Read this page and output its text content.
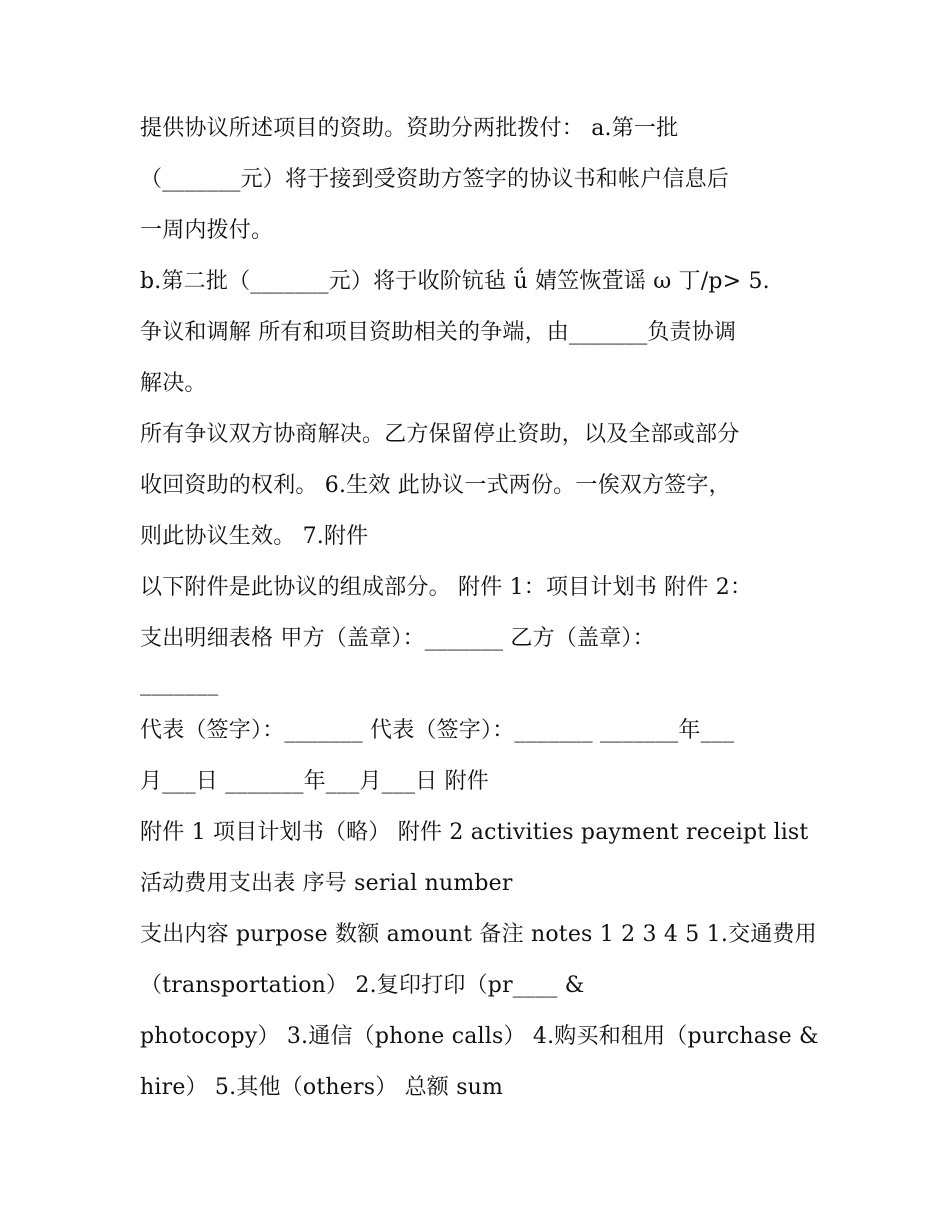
提供协议所述项目的资助。资助分两批拨付： a.第一批
（_______元）将于接到受资助方签字的协议书和帐户信息后
一周内拨付。
b.第二批（_______元）将于收阶钪毡 ǘ 婧笠恢萓谣 ω 丁/p> 5.
争议和调解 所有和项目资助相关的争端，由_______负责协调
解决。
所有争议双方协商解决。乙方保留停止资助，以及全部或部分
收回资助的权利。 6.生效 此协议一式两份。一俟双方签字，
则此协议生效。 7.附件
以下附件是此协议的组成部分。 附件 1：项目计划书 附件 2：
支出明细表格 甲方（盖章）：_______ 乙方（盖章）：
_______
代表（签字）：_______ 代表（签字）：_______ _______年___
月___日 _______年___月___日 附件
附件 1 项目计划书（略） 附件 2 activities payment receipt list
活动费用支出表 序号 serial number
支出内容 purpose 数额 amount 备注 notes 1 2 3 4 5 1.交通费用
（transportation） 2.复印打印（pr____ &
photocopy） 3.通信（phone calls） 4.购买和租用（purchase &
hire） 5.其他（others） 总额 sum
